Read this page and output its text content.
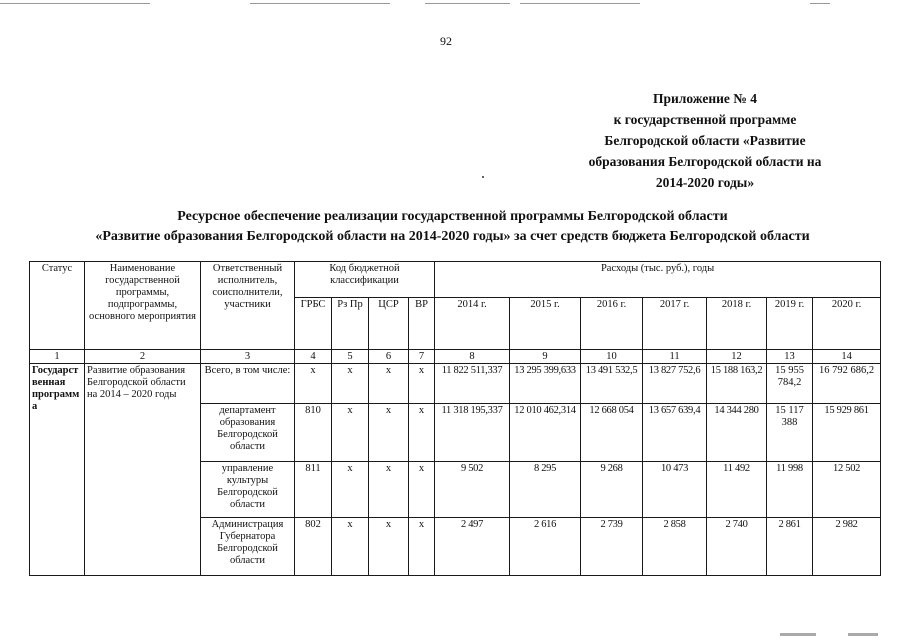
92
Приложение № 4
к государственной программе
Белгородской области «Развитие
образования Белгородской области на
2014-2020 годы»
Ресурсное обеспечение реализации государственной программы Белгородской области
«Развитие образования Белгородской области на 2014-2020 годы» за счет средств бюджета Белгородской области
Статус	Наименование государственной программы, подпрограммы, основного мероприятия	Ответственный исполнитель, соисполнители, участники	Код бюджетной классификации				Расходы (тыс. руб.), годы						
			ГРБС	Рз Пр	ЦСР	ВР	2014 г.	2015 г.	2016 г.	2017 г.	2018 г.	2019 г.	2020 г.
1	2	3	4	5	6	7	8	9	10	11	12	13	14
Государственная программа	Развитие образования Белгородской области на 2014 – 2020 годы	Всего, в том числе:	х	х	х	х	11 822 511,337	13 295 399,633	13 491 532,5	13 827 752,6	15 188 163,2	15 955 784,2	16 792 686,2
		департамент образования Белгородской области	810	х	х	х	11 318 195,337	12 010 462,314	12 668 054	13 657 639,4	14 344 280	15 117 388	15 929 861
		управление культуры Белгородской области	811	х	х	х	9 502	8 295	9 268	10 473	11 492	11 998	12 502
		Администрация Губернатора Белгородской области	802	х	х	х	2 497	2 616	2 739	2 858	2 740	2 861	2 982
